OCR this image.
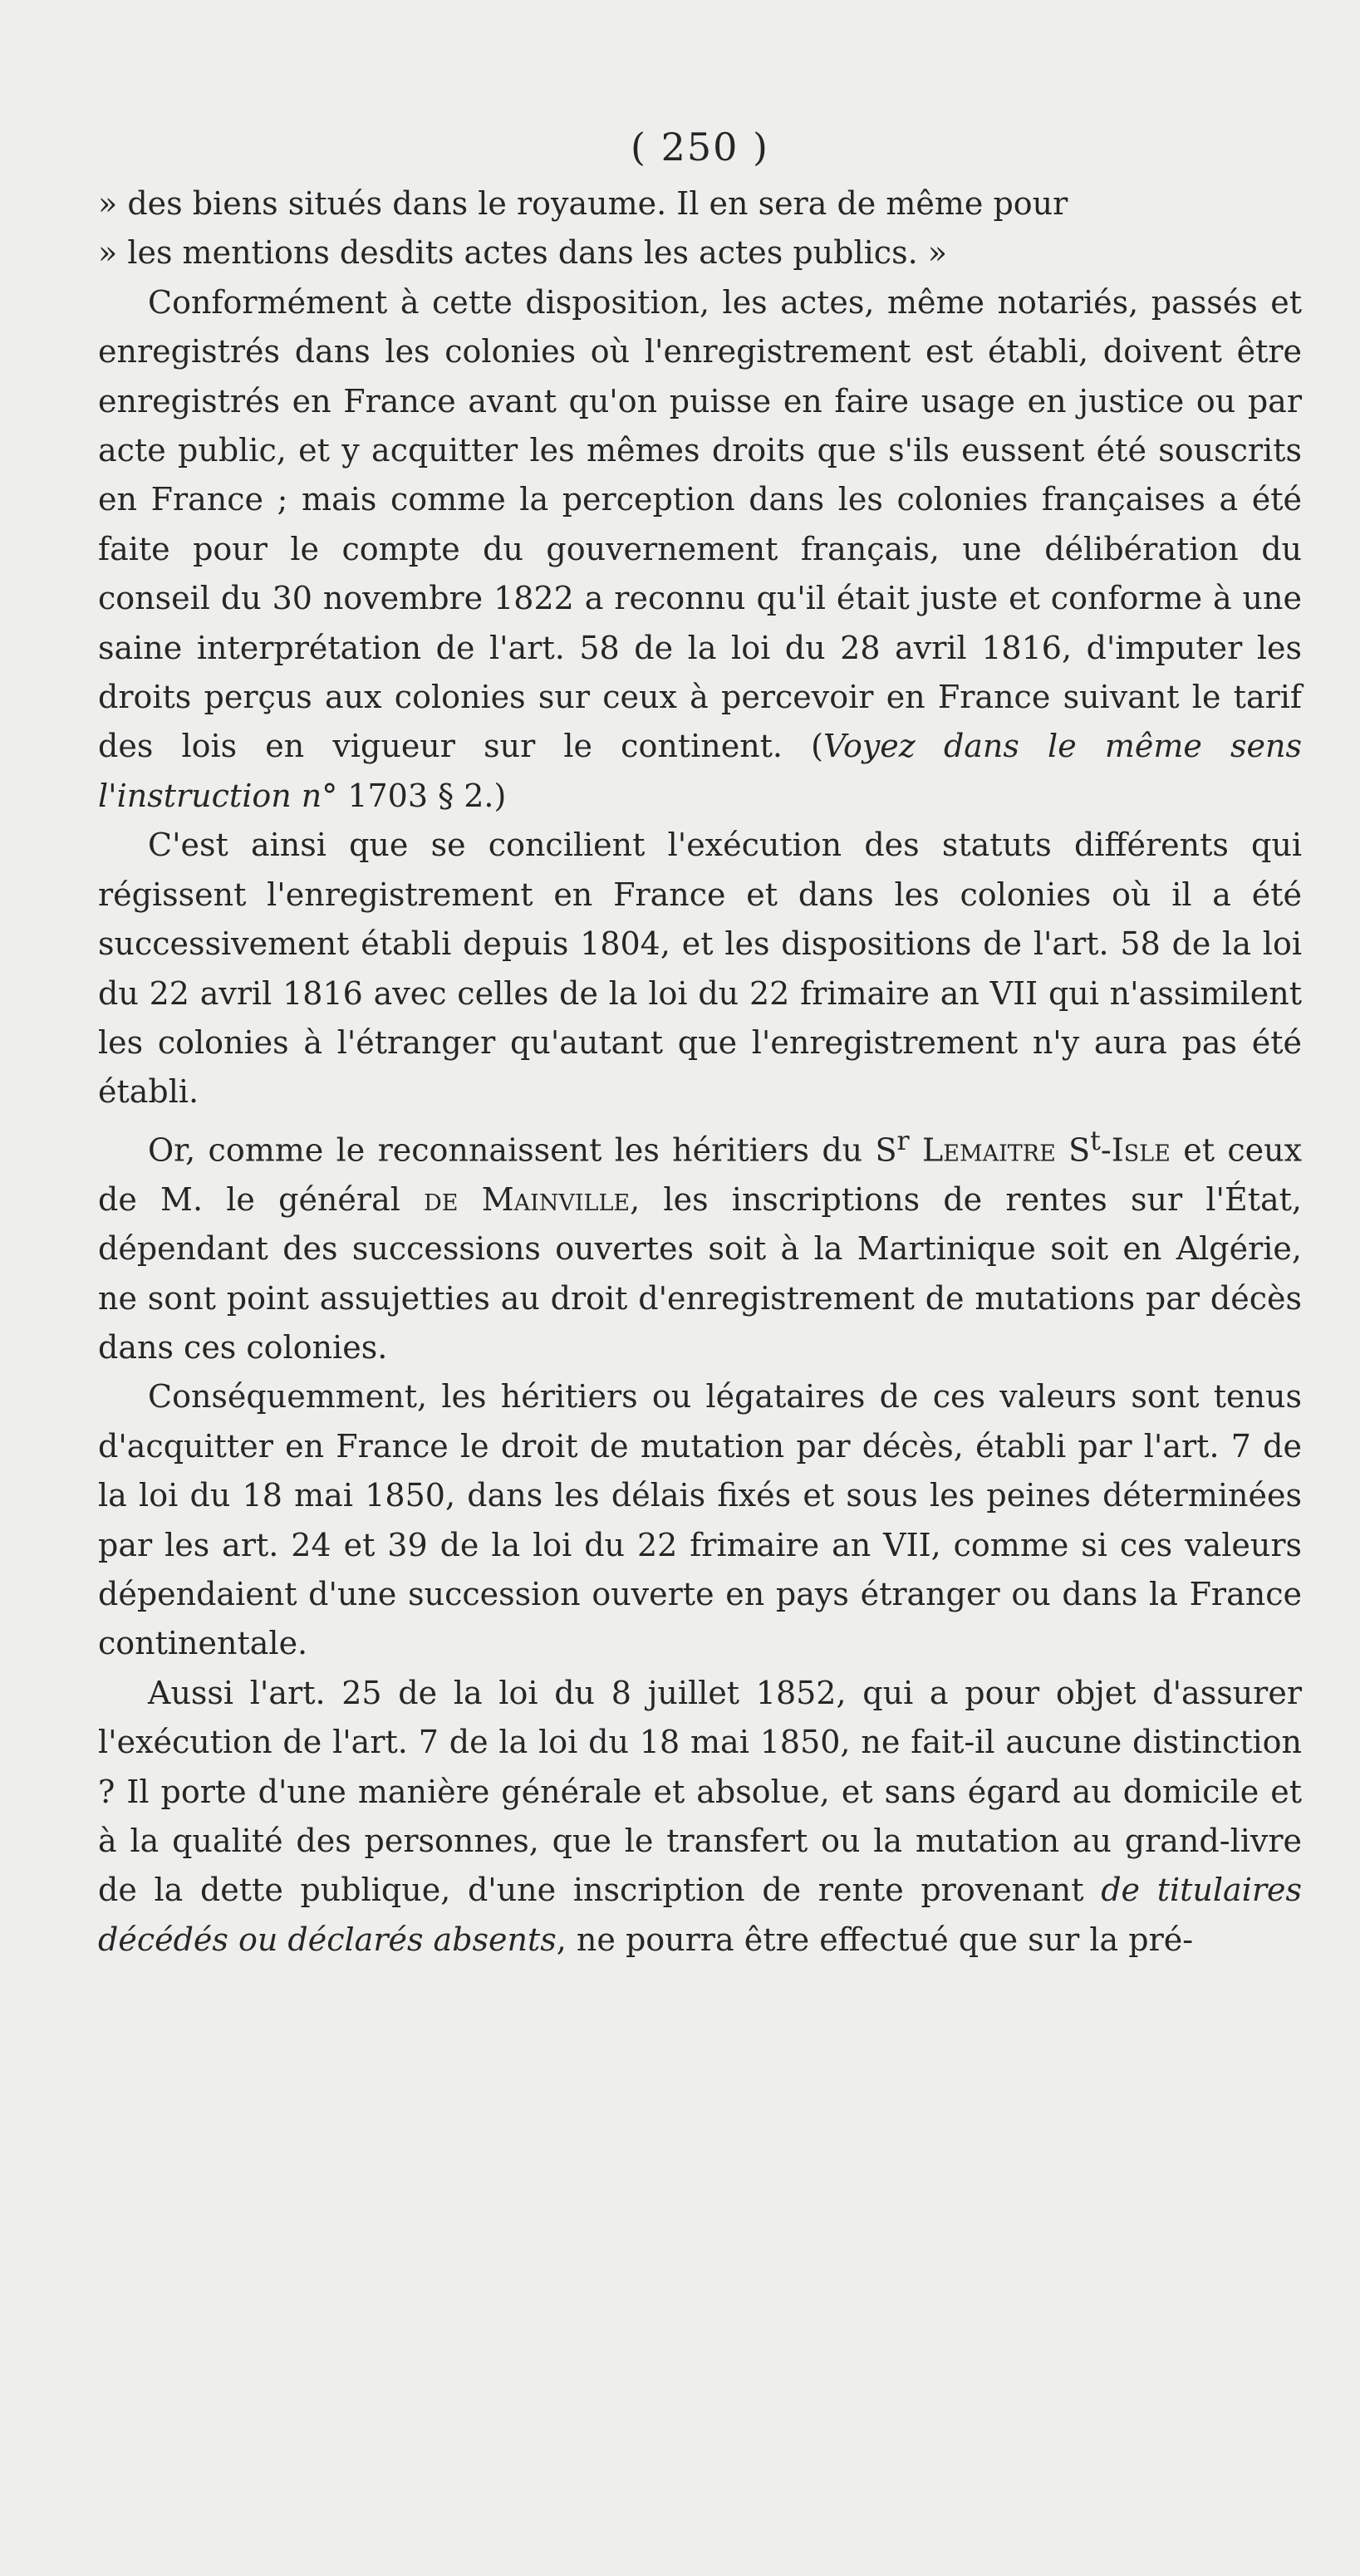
( 250 )

» des biens situés dans le royaume. Il en sera de même pour

» les mentions desdits actes dans les actes publics. »

Conformément à cette disposition, les actes, même notariés, passés et enregistrés dans les colonies où l'enregistrement est établi, doivent être enregistrés en France avant qu'on puisse en faire usage en justice ou par acte public, et y acquitter les mêmes droits que s'ils eussent été souscrits en France ; mais comme la perception dans les colonies françaises a été faite pour le compte du gouvernement français, une délibération du conseil du 30 novembre 1822 a reconnu qu'il était juste et conforme à une saine interprétation de l'art. 58 de la loi du 28 avril 1816, d'imputer les droits perçus aux colonies sur ceux à percevoir en France suivant le tarif des lois en vigueur sur le continent. (Voyez dans le même sens l'instruction n° 1703 § 2.)

C'est ainsi que se concilient l'exécution des statuts différents qui régissent l'enregistrement en France et dans les colonies où il a été successivement établi depuis 1804, et les dispositions de l'art. 58 de la loi du 22 avril 1816 avec celles de la loi du 22 frimaire an VII qui n'assimilent les colonies à l'étranger qu'autant que l'enregistrement n'y aura pas été établi.

Or, comme le reconnaissent les héritiers du $S^r$ Lemaitre $S^t$-Isle et ceux de M. le général de Mainville, les inscriptions de rentes sur l'État, dépendant des successions ouvertes soit à la Martinique soit en Algérie, ne sont point assujetties au droit d'enregistrement de mutations par décès dans ces colonies.

Conséquemment, les héritiers ou légataires de ces valeurs sont tenus d'acquitter en France le droit de mutation par décès, établi par l'art. 7 de la loi du 18 mai 1850, dans les délais fixés et sous les peines déterminées par les art. 24 et 39 de la loi du 22 frimaire an VII, comme si ces valeurs dépendaient d'une succession ouverte en pays étranger ou dans la France continentale.

Aussi l'art. 25 de la loi du 8 juillet 1852, qui a pour objet d'assurer l'exécution de l'art. 7 de la loi du 18 mai 1850, ne fait-il aucune distinction ? Il porte d'une manière générale et absolue, et sans égard au domicile et à la qualité des personnes, que le transfert ou la mutation au grand-livre de la dette publique, d'une inscription de rente provenant de titulaires décédés ou déclarés absents, ne pourra être effectué que sur la pré-
